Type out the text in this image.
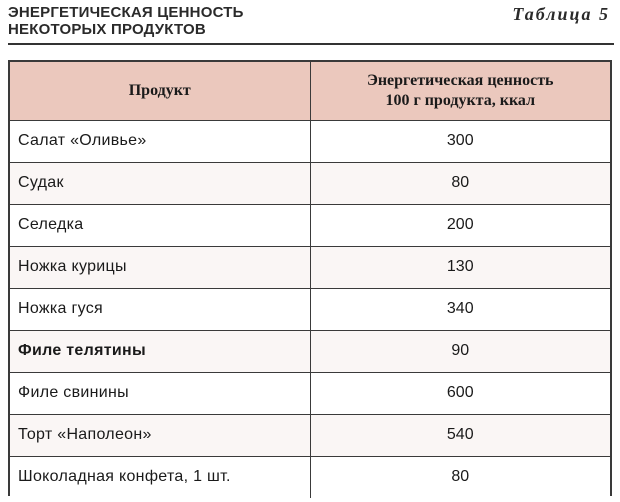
ЭНЕРГЕТИЧЕСКАЯ ЦЕННОСТЬ
НЕКОТОРЫХ ПРОДУКТОВ
Таблица 5
Продукт	Энергетическая ценность
100 г продукта, ккал
Салат «Оливье»	300
Судак	80
Селедка	200
Ножка курицы	130
Ножка гуся	340
Филе телятины	90
Филе свинины	600
Торт «Наполеон»	540
Шоколадная конфета, 1 шт.	80
